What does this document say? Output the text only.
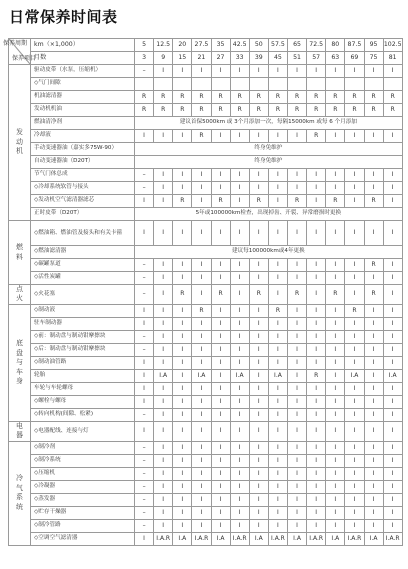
日常保养时间表
保养周期
保养项目	km（×1,000）	5	12.5	20	27.5	35	42.5	50	57.5	65	72.5	80	87.5	95	102.5
	月数	3	9	15	21	27	33	39	45	51	57	63	69	75	81
发
动
机	驱动皮带（水泵，压缩机）	–	I	I	I	I	I	I	I	I	I	I	I	I	I
	◇气门间隙														
	机油滤清器	R	R	R	R	R	R	R	R	R	R	R	R	R	R
	发动机机油	R	R	R	R	R	R	R	R	R	R	R	R	R	R
	燃油清净剂	建议首保5000km 或 3个月添加一次，每隔15000km 或每 6 个月添加													
	冷却液	I	I	I	R	I	I	I	I	I	R	I	I	I	I
	手动变速器油（嘉实多75W-90）	终身免维护													
	自动变速器油（D20T）	终身免维护													
	节气门体总成	–	I	I	I	I	I	I	I	I	I	I	I	I	I
	◇冷却系统软管与接头	–	I	I	I	I	I	I	I	I	I	I	I	I	I
	◇发动机空气滤清器滤芯	I	I	R	I	R	I	R	I	R	I	R	I	R	I
	正时皮带（D20T）	5年或100000km检查，出现掉齿、开裂、异常磨损时更换													
燃
料	◇燃油箱、燃油管及接头和有关卡箍	I	I	I	I	I	I	I	I	I	I	I	I	I	I
	◇燃油滤清器	建议每100000km或4年更换													
	◇碳罐泵道	–	I	I	I	I	I	I	I	I	I	I	I	R	I
	◇活性炭罐	–	I	I	I	I	I	I	I	I	I	I	I	I	I
点
火	◇火花塞	–	I	R	I	R	I	R	I	R	I	R	I	R	I
底
盘
与
车
身	◇制动液	I	I	I	R	I	I	I	R	I	I	I	R	I	I
	驻车制动器	I	I	I	I	I	I	I	I	I	I	I	I	I	I
	◇前：制动盘与制动钳摩擦块	–	I	I	I	I	I	I	I	I	I	I	I	I	I
	◇后：制动盘与制动钳摩擦块	–	I	I	I	I	I	I	I	I	I	I	I	I	I
	◇制动油管路	I	I	I	I	I	I	I	I	I	I	I	I	I	I
	轮胎	I	I.A	I	I.A	I	I.A	I	I.A	I	R	I	I.A	I	I.A
	车轮与车轮螺母	I	I	I	I	I	I	I	I	I	I	I	I	I	I
	◇螺栓与螺母	I	I	I	I	I	I	I	I	I	I	I	I	I	I
	◇转向机构(间隙、松紧)	–	I	I	I	I	I	I	I	I	I	I	I	I	I
电
器	◇电器配线、连接与灯	I	I	I	I	I	I	I	I	I	I	I	I	I	I
冷
气
系
统	◇制冷剂	–	I	I	I	I	I	I	I	I	I	I	I	I	I
	◇制冷系统	–	I	I	I	I	I	I	I	I	I	I	I	I	I
	◇压缩机	–	I	I	I	I	I	I	I	I	I	I	I	I	I
	◇冷凝器	–	I	I	I	I	I	I	I	I	I	I	I	I	I
	◇蒸发器	–	I	I	I	I	I	I	I	I	I	I	I	I	I
	◇贮存干燥器	–	I	I	I	I	I	I	I	I	I	I	I	I	I
	◇制冷管路	–	I	I	I	I	I	I	I	I	I	I	I	I	I
	◇空调空气滤清器	I	I.A.R	I.A	I.A.R	I.A	I.A.R	I.A	I.A.R	I.A	I.A.R	I.A	I.A.R	I.A	I.A.R
